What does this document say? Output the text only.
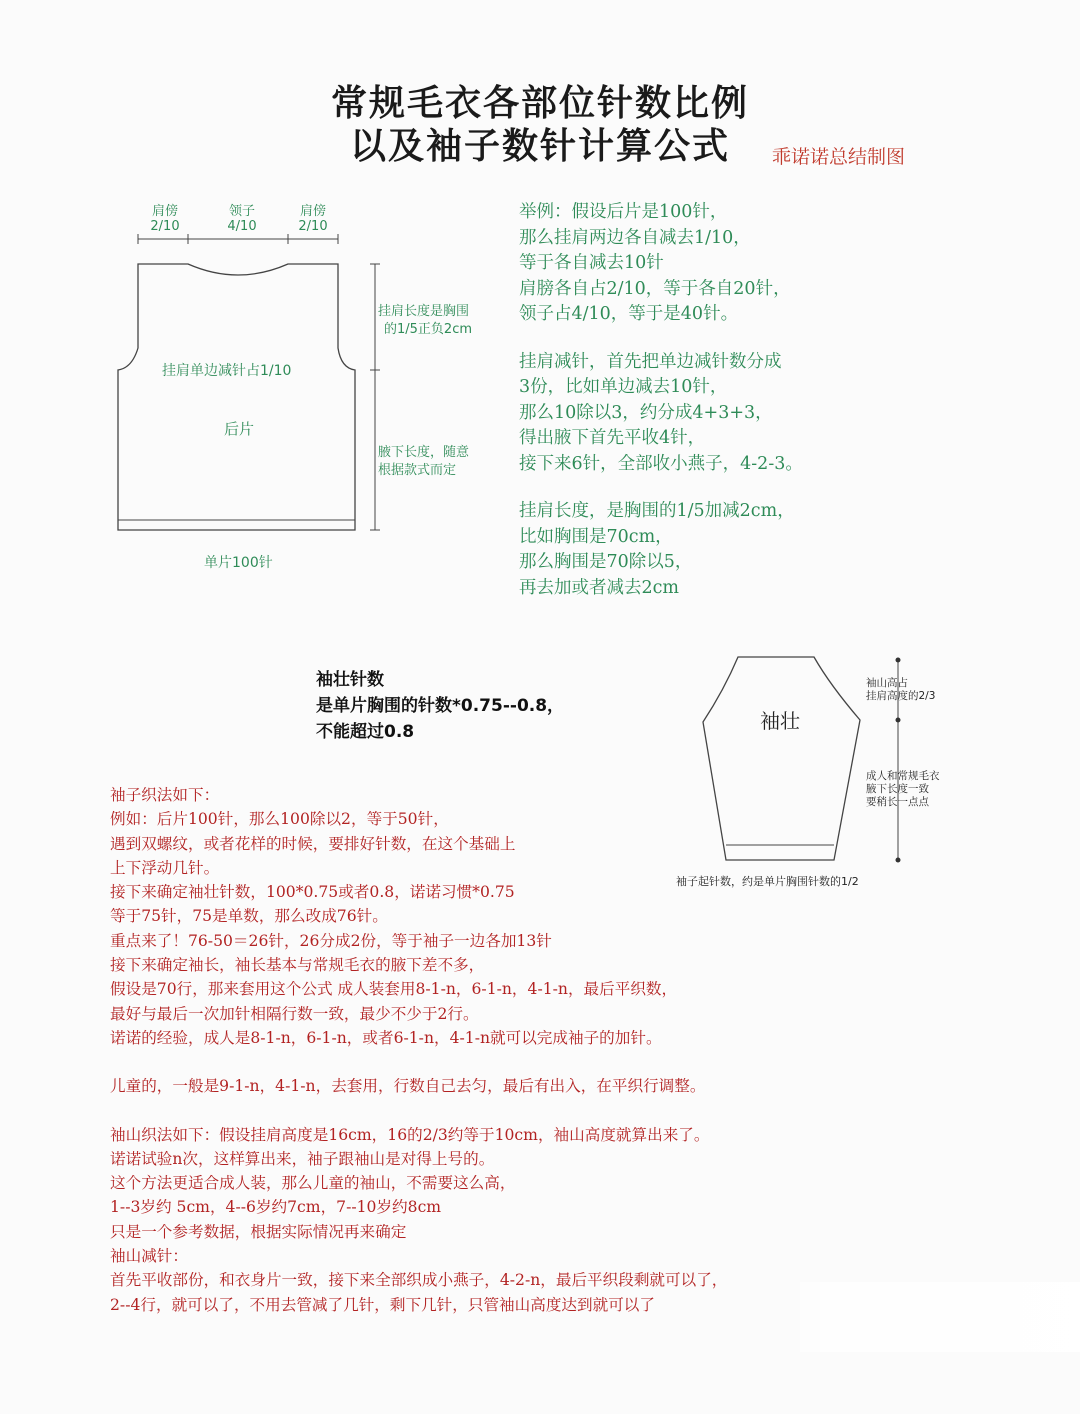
常规毛衣各部位针数比例
以及袖子数针计算公式	乖诺诺总结制图
肩傍
2/10
领子
4/10
肩傍
2/10
挂肩单边减针占1/10
后片
单片100针
挂肩长度是胸围
的1/5正负2cm
腋下长度，随意
根据款式而定

举例：假设后片是100针，

那么挂肩两边各自减去1/10，

等于各自减去10针

肩膀各自占2/10，等于各自20针，

领子占4/10，等于是40针。

挂肩减针，首先把单边减针数分成

3份，比如单边减去10针，

那么10除以3，约分成4+3+3，

得出腋下首先平收4针，

接下来6针，全部收小燕子，4-2-3。

挂肩长度，是胸围的1/5加减2cm，

比如胸围是70cm，

那么胸围是70除以5，

再去加或者减去2cm

袖壮针数
是单片胸围的针数*0.75--0.8，
不能超过0.8	袖壮
袖山高占
挂肩高度的2/3
成人和常规毛衣
腋下长度一致
要稍长一点点
袖子起针数，约是单片胸围针数的1/2

袖子织法如下：

例如：后片100针，那么100除以2，等于50针，

遇到双螺纹，或者花样的时候，要排好针数，在这个基础上

上下浮动几针。

接下来确定袖壮针数，100*0.75或者0.8，诺诺习惯*0.75

等于75针，75是单数，那么改成76针。

重点来了！76-50＝26针，26分成2份，等于袖子一边各加13针

接下来确定袖长，袖长基本与常规毛衣的腋下差不多，

假设是70行，那来套用这个公式 成人装套用8-1-n，6-1-n，4-1-n，最后平织数，

最好与最后一次加针相隔行数一致，最少不少于2行。

诺诺的经验，成人是8-1-n，6-1-n，或者6-1-n，4-1-n就可以完成袖子的加针。

儿童的，一般是9-1-n，4-1-n，去套用，行数自己去匀，最后有出入，在平织行调整。

袖山织法如下：假设挂肩高度是16cm，16的2/3约等于10cm，袖山高度就算出来了。

诺诺试验n次，这样算出来，袖子跟袖山是对得上号的。

这个方法更适合成人装，那么儿童的袖山，不需要这么高，

1--3岁约 5cm，4--6岁约7cm，7--10岁约8cm

只是一个参考数据，根据实际情况再来确定

袖山减针：

首先平收部份，和衣身片一致，接下来全部织成小燕子，4-2-n，最后平织段剩就可以了，

2--4行，就可以了，不用去管减了几针，剩下几针，只管袖山高度达到就可以了
